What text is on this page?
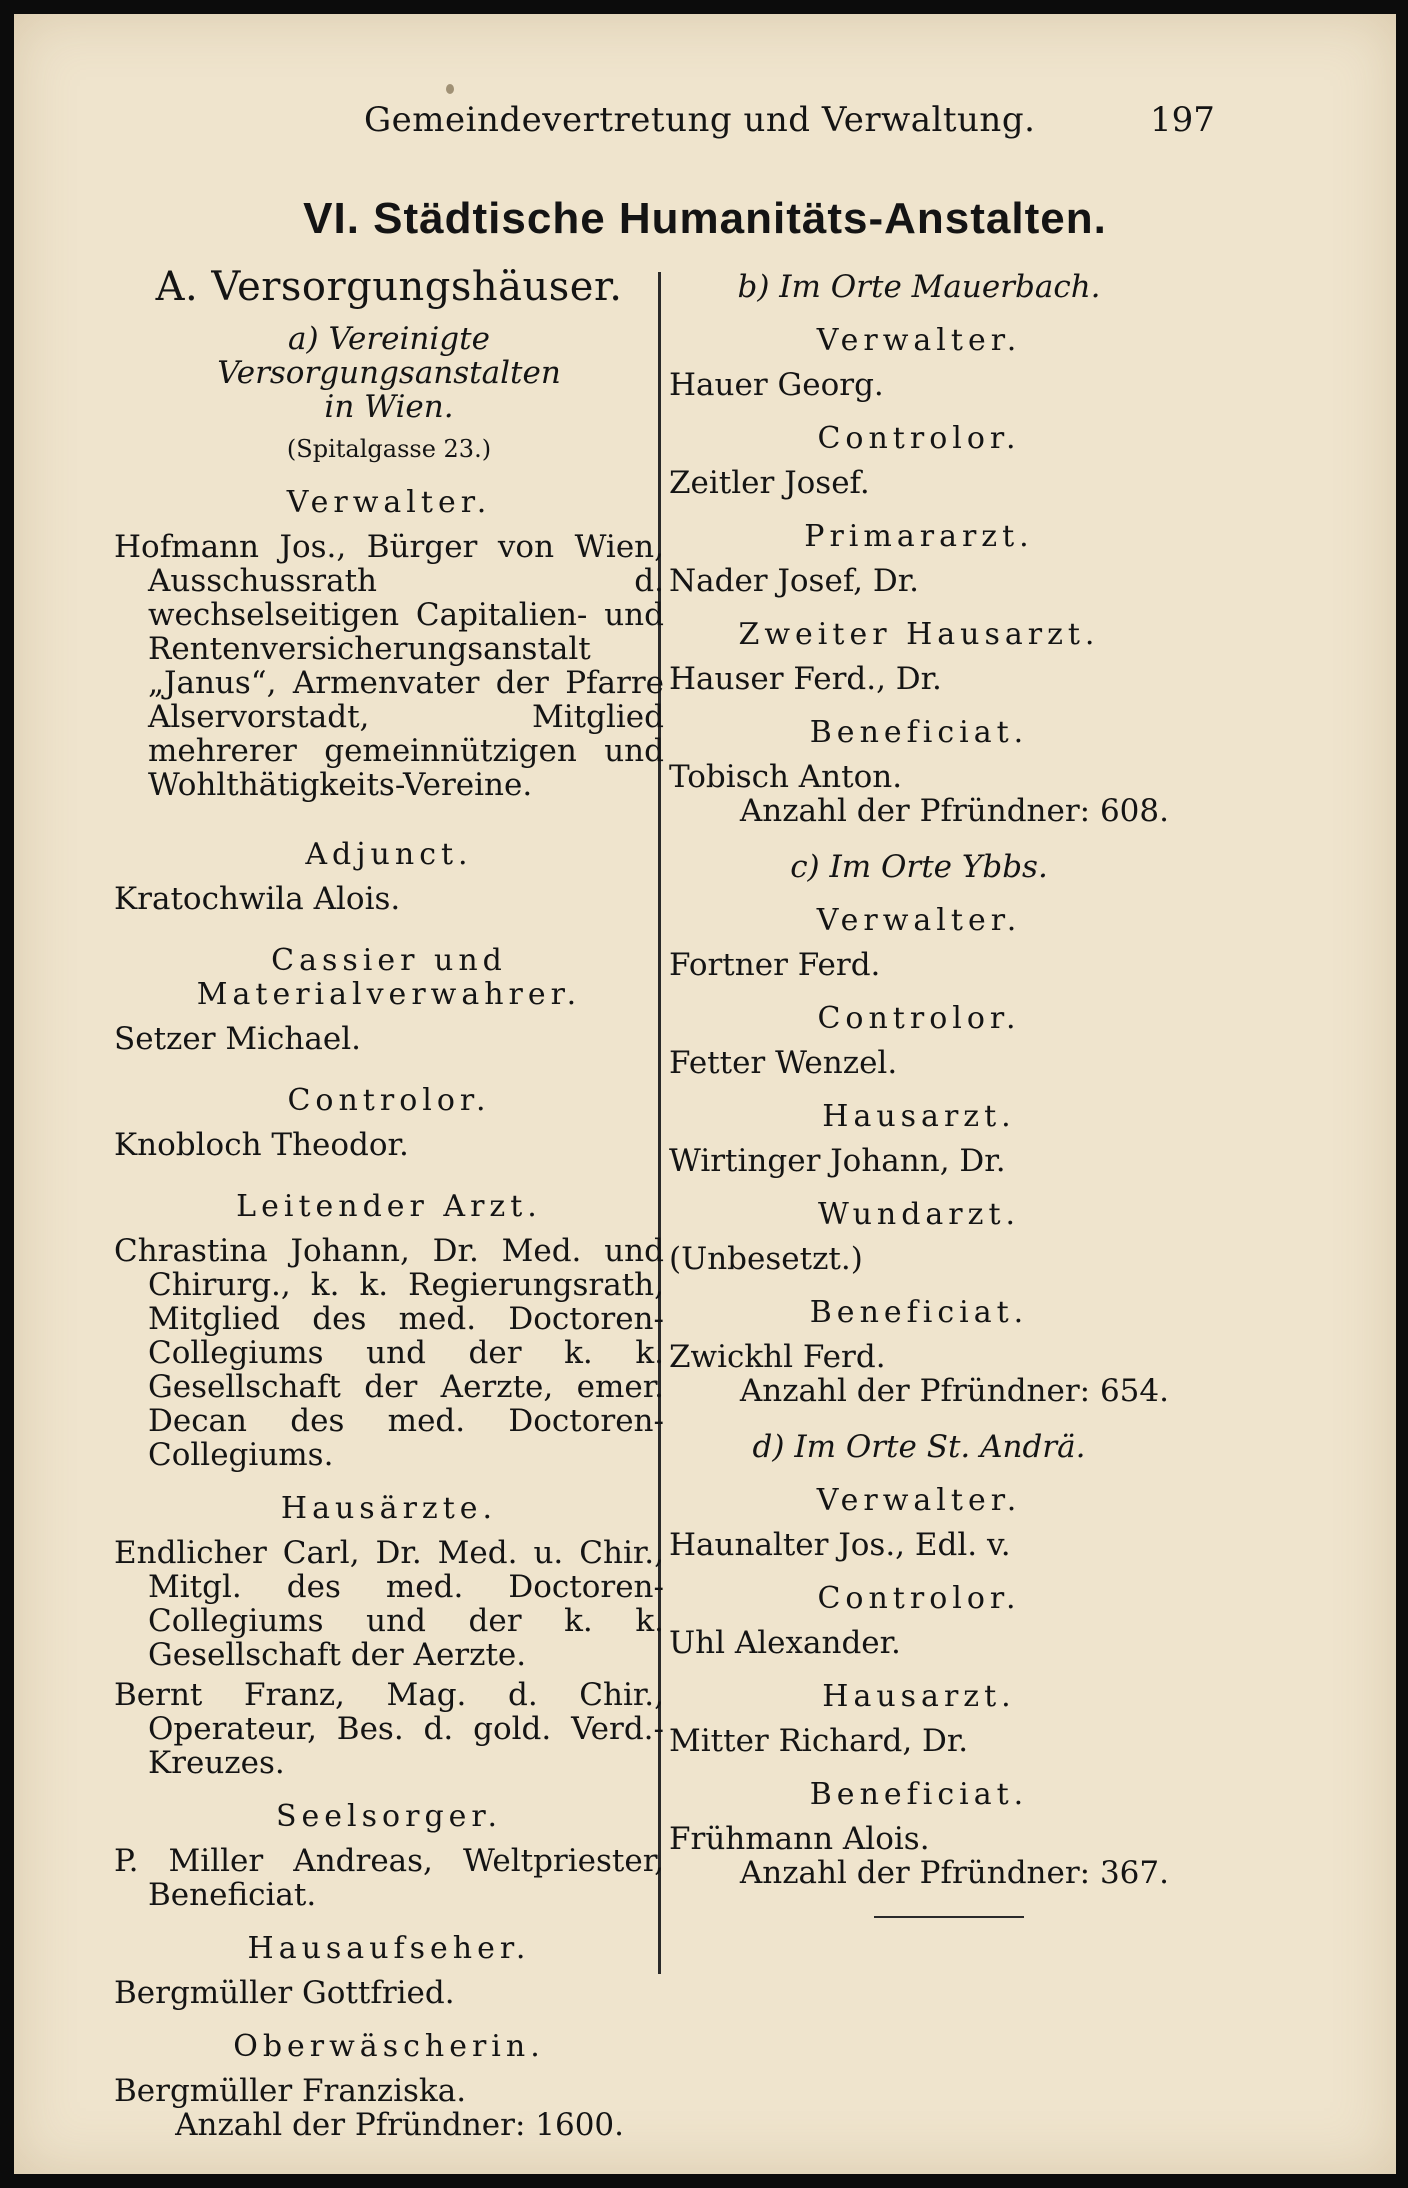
Gemeindevertretung und Verwaltung.	197
VI. Städtische Humanitäts-Anstalten.

A. Versorgungshäuser.

a) Vereinigte Versorgungsanstalten

in Wien.

(Spitalgasse 23.)

Verwalter.

Hofmann Jos., Bürger von Wien, Ausschussrath d. wechselseitigen Capitalien- und Rentenversicherungsanstalt „Janus“, Armenvater der Pfarre Alservorstadt, Mitglied mehrerer gemeinnützigen und Wohlthätigkeits-Vereine.

Adjunct.

Kratochwila Alois.

Cassier und Materialverwahrer.

Setzer Michael.

Controlor.

Knobloch Theodor.

Leitender Arzt.

Chrastina Johann, Dr. Med. und Chirurg., k. k. Regierungsrath, Mitglied des med. Doctoren-Collegiums und der k. k. Gesellschaft der Aerzte, emer. Decan des med. Doctoren-Collegiums.

Hausärzte.

Endlicher Carl, Dr. Med. u. Chir., Mitgl. des med. Doctoren-Collegiums und der k. k. Gesellschaft der Aerzte.

Bernt Franz, Mag. d. Chir., Operateur, Bes. d. gold. Verd.-Kreuzes.

Seelsorger.

P. Miller Andreas, Weltpriester, Beneficiat.

Hausaufseher.

Bergmüller Gottfried.

Oberwäscherin.

Bergmüller Franziska.

Anzahl der Pfründner: 1600.

b) Im Orte Mauerbach.

Verwalter.

Hauer Georg.

Controlor.

Zeitler Josef.

Primararzt.

Nader Josef, Dr.

Zweiter Hausarzt.

Hauser Ferd., Dr.

Beneficiat.

Tobisch Anton.

Anzahl der Pfründner: 608.

c) Im Orte Ybbs.

Verwalter.

Fortner Ferd.

Controlor.

Fetter Wenzel.

Hausarzt.

Wirtinger Johann, Dr.

Wundarzt.

(Unbesetzt.)

Beneficiat.

Zwickhl Ferd.

Anzahl der Pfründner: 654.

d) Im Orte St. Andrä.

Verwalter.

Haunalter Jos., Edl. v.

Controlor.

Uhl Alexander.

Hausarzt.

Mitter Richard, Dr.

Beneficiat.

Frühmann Alois.

Anzahl der Pfründner: 367.
